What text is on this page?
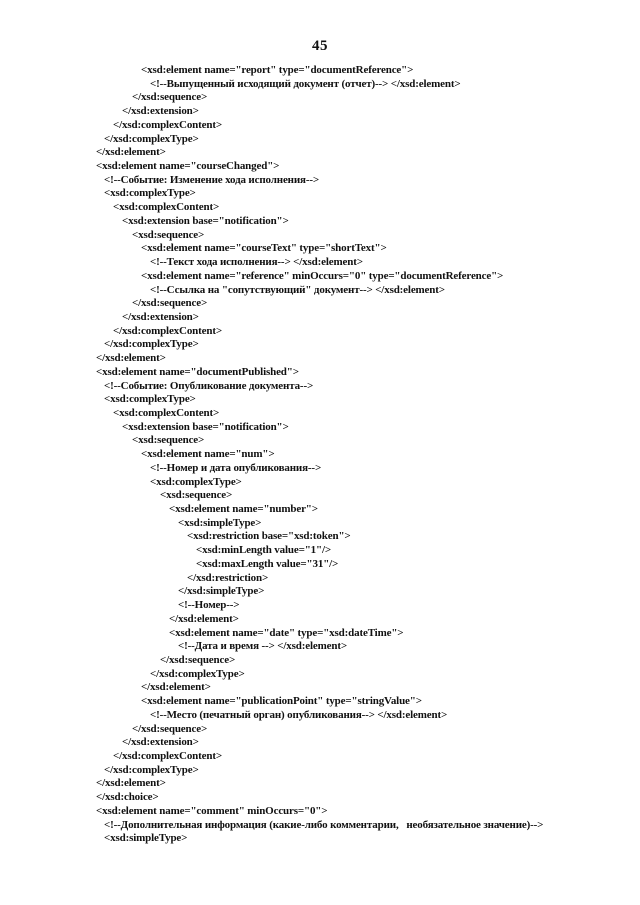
45
<xsd:element name="report" type="documentReference">
<!--Выпущенный исходящий документ (отчет)--> </xsd:element>
</xsd:sequence>
</xsd:extension>
</xsd:complexContent>
</xsd:complexType>
</xsd:element>
<xsd:element name="courseChanged">
<!--Событие: Изменение хода исполнения-->
<xsd:complexType>
<xsd:complexContent>
<xsd:extension base="notification">
<xsd:sequence>
<xsd:element name="courseText" type="shortText">
<!--Текст хода исполнения--> </xsd:element>
<xsd:element name="reference" minOccurs="0" type="documentReference">
<!--Ссылка на "сопутствующий" документ--> </xsd:element>
</xsd:sequence>
</xsd:extension>
</xsd:complexContent>
</xsd:complexType>
</xsd:element>
<xsd:element name="documentPublished">
<!--Событие: Опубликование документа-->
<xsd:complexType>
<xsd:complexContent>
<xsd:extension base="notification">
<xsd:sequence>
<xsd:element name="num">
<!--Номер и дата опубликования-->
<xsd:complexType>
<xsd:sequence>
<xsd:element name="number">
<xsd:simpleType>
<xsd:restriction base="xsd:token">
<xsd:minLength value="1"/>
<xsd:maxLength value="31"/>
</xsd:restriction>
</xsd:simpleType>
<!--Номер-->
</xsd:element>
<xsd:element name="date" type="xsd:dateTime">
<!--Дата и время --> </xsd:element>
</xsd:sequence>
</xsd:complexType>
</xsd:element>
<xsd:element name="publicationPoint" type="stringValue">
<!--Место (печатный орган) опубликования--> </xsd:element>
</xsd:sequence>
</xsd:extension>
</xsd:complexContent>
</xsd:complexType>
</xsd:element>
</xsd:choice>
<xsd:element name="comment" minOccurs="0">
<!--Дополнительная информация (какие-либо комментарии,   необязательное значение)-->
<xsd:simpleType>
